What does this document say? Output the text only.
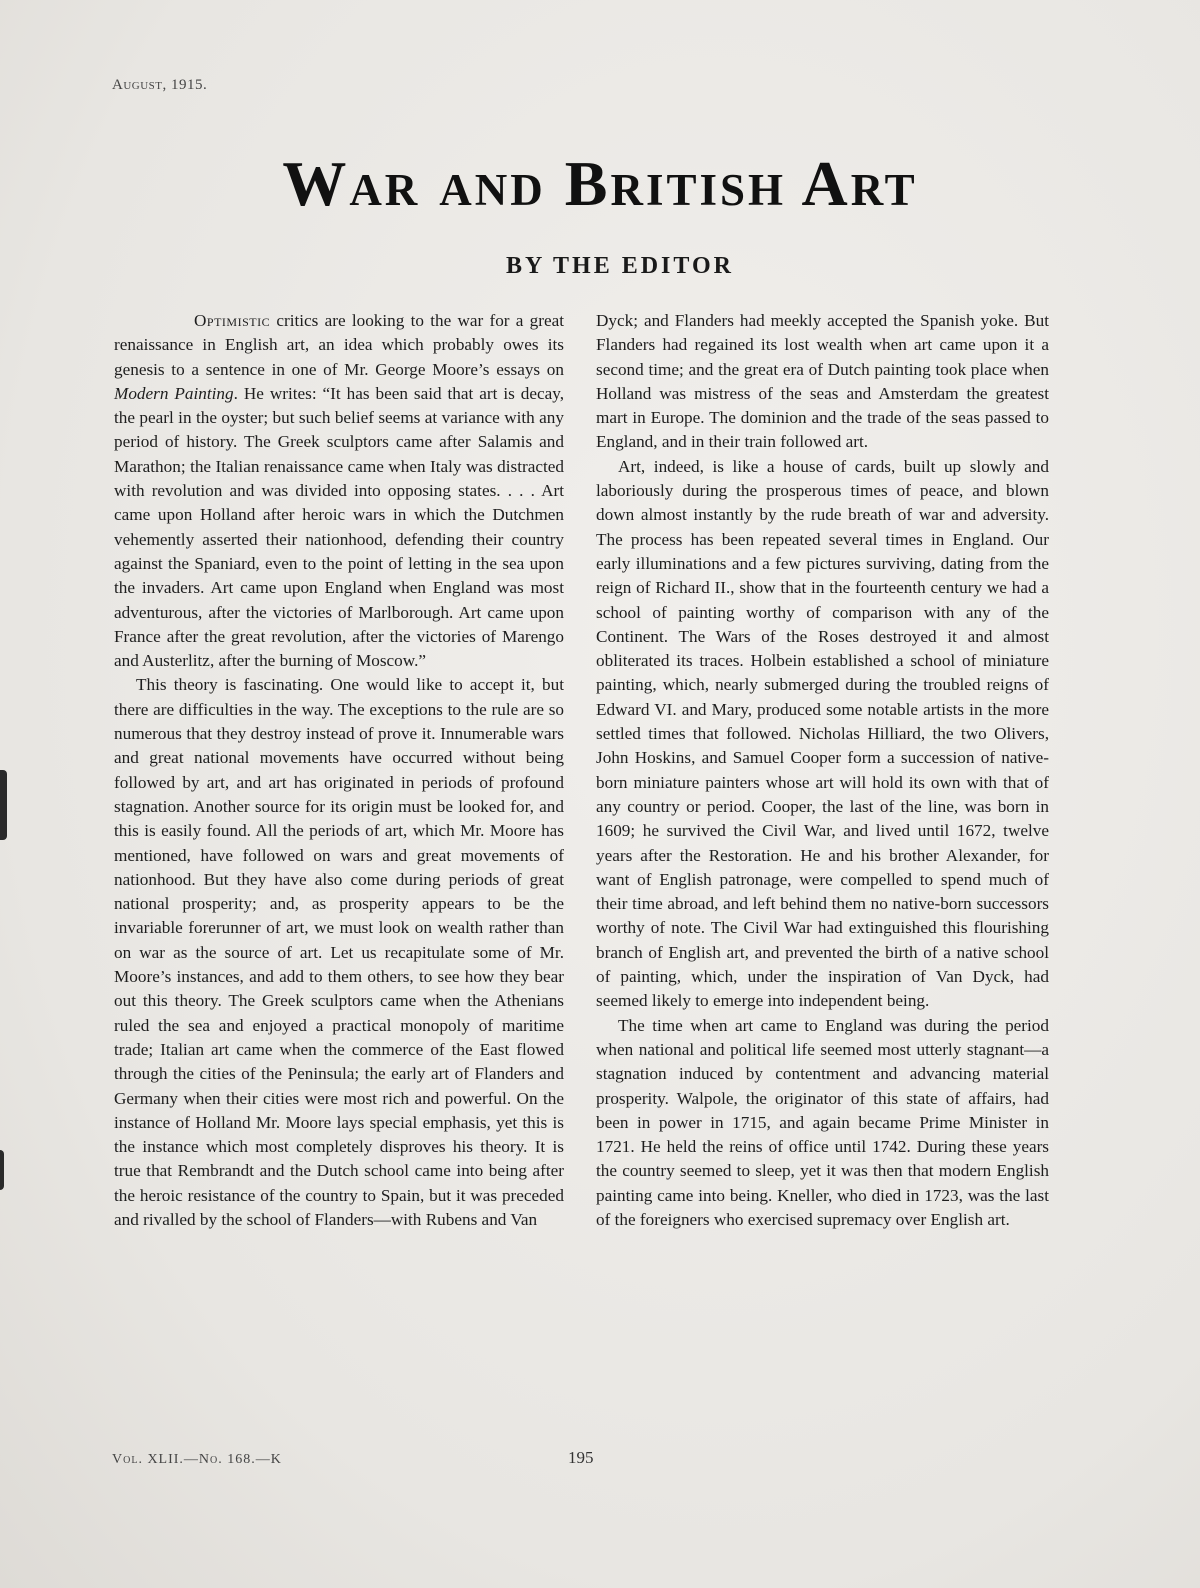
August, 1915.
War and British Art
BY THE EDITOR

Optimistic critics are looking to the war for a great renaissance in English art, an idea which probably owes its genesis to a sentence in one of Mr. George Moore’s essays on Modern Painting. He writes: “It has been said that art is decay, the pearl in the oyster; but such belief seems at variance with any period of history. The Greek sculptors came after Salamis and Marathon; the Italian renaissance came when Italy was distracted with revolution and was divided into opposing states. . . . Art came upon Holland after heroic wars in which the Dutchmen vehemently asserted their nationhood, defending their country against the Spaniard, even to the point of letting in the sea upon the invaders. Art came upon England when England was most adventurous, after the victories of Marlborough. Art came upon France after the great revolution, after the victories of Marengo and Austerlitz, after the burning of Moscow.”

This theory is fascinating. One would like to accept it, but there are difficulties in the way. The exceptions to the rule are so numerous that they destroy instead of prove it. Innumerable wars and great national movements have occurred without being followed by art, and art has originated in periods of profound stagnation. Another source for its origin must be looked for, and this is easily found. All the periods of art, which Mr. Moore has mentioned, have followed on wars and great movements of nationhood. But they have also come during periods of great national prosperity; and, as prosperity appears to be the invariable forerunner of art, we must look on wealth rather than on war as the source of art. Let us recapitulate some of Mr. Moore’s instances, and add to them others, to see how they bear out this theory. The Greek sculptors came when the Athenians ruled the sea and enjoyed a practical monopoly of maritime trade; Italian art came when the commerce of the East flowed through the cities of the Peninsula; the early art of Flanders and Germany when their cities were most rich and powerful. On the instance of Holland Mr. Moore lays special emphasis, yet this is the instance which most completely disproves his theory. It is true that Rembrandt and the Dutch school came into being after the heroic resistance of the country to Spain, but it was preceded and rivalled by the school of Flanders—with Rubens and Van

Dyck; and Flanders had meekly accepted the Spanish yoke. But Flanders had regained its lost wealth when art came upon it a second time; and the great era of Dutch painting took place when Holland was mistress of the seas and Amsterdam the greatest mart in Europe. The dominion and the trade of the seas passed to England, and in their train followed art.

Art, indeed, is like a house of cards, built up slowly and laboriously during the prosperous times of peace, and blown down almost instantly by the rude breath of war and adversity. The process has been repeated several times in England. Our early illuminations and a few pictures surviving, dating from the reign of Richard II., show that in the fourteenth century we had a school of painting worthy of comparison with any of the Continent. The Wars of the Roses destroyed it and almost obliterated its traces. Holbein established a school of miniature painting, which, nearly submerged during the troubled reigns of Edward VI. and Mary, produced some notable artists in the more settled times that followed. Nicholas Hilliard, the two Olivers, John Hoskins, and Samuel Cooper form a succession of native-born miniature painters whose art will hold its own with that of any country or period. Cooper, the last of the line, was born in 1609; he survived the Civil War, and lived until 1672, twelve years after the Restoration. He and his brother Alexander, for want of English patronage, were compelled to spend much of their time abroad, and left behind them no native-born successors worthy of note. The Civil War had extinguished this flourishing branch of English art, and prevented the birth of a native school of painting, which, under the inspiration of Van Dyck, had seemed likely to emerge into independent being.

The time when art came to England was during the period when national and political life seemed most utterly stagnant—a stagnation induced by contentment and advancing material prosperity. Walpole, the originator of this state of affairs, had been in power in 1715, and again became Prime Minister in 1721. He held the reins of office until 1742. During these years the country seemed to sleep, yet it was then that modern English painting came into being. Kneller, who died in 1723, was the last of the foreigners who exercised supremacy over English art.

Vol. XLII.—No. 168.—K	195
